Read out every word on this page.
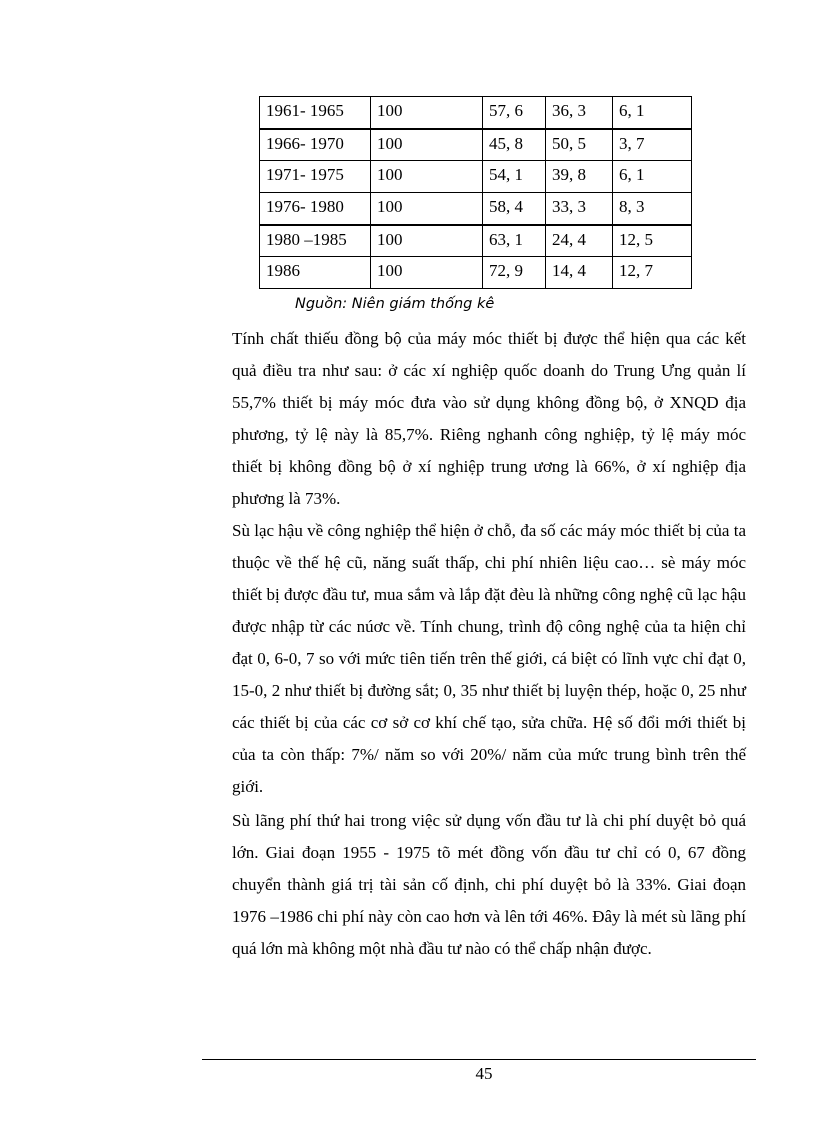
1961- 1965	100	57, 6	36, 3	6, 1
1966- 1970	100	45, 8	50, 5	3, 7
1971- 1975	100	54, 1	39, 8	6, 1
1976- 1980	100	58, 4	33, 3	8, 3
1980 –1985	100	63, 1	24, 4	12, 5
1986	100	72, 9	14, 4	12, 7
Nguồn: Niên giám thống kê
Tính chất thiếu đồng bộ của máy móc thiết bị được thể hiện qua các kết quả điều tra như sau: ở các xí nghiệp quốc doanh do Trung Ưng quản lí 55,7% thiết bị máy móc đưa vào sử dụng không đồng bộ, ở XNQD địa phương, tỷ lệ này là 85,7%. Riêng nghanh công nghiệp, tỷ lệ máy móc thiết bị không đồng bộ ở xí nghiệp trung ương là 66%, ở xí nghiệp địa phương là 73%.
Sù lạc hậu về công nghiệp thể hiện ở chỗ, đa số các máy móc thiết bị của ta thuộc về thế hệ cũ, năng suất thấp, chi phí nhiên liệu cao… sè máy móc thiết bị được đầu tư, mua sắm và lắp đặt đèu là những công nghệ cũ lạc hậu được nhập từ các núơc về. Tính chung, trình độ công nghệ của ta hiện chỉ đạt 0, 6-0, 7 so với mức tiên tiến trên thế giới, cá biệt có lĩnh vực chỉ đạt 0, 15-0, 2 như thiết bị đường sắt; 0, 35 như thiết bị luyện thép, hoặc 0, 25 như các thiết bị của các cơ sở cơ khí chế tạo, sửa chữa. Hệ số đổi mới thiết bị của ta còn thấp: 7%/ năm so với 20%/ năm của mức trung bình trên thế giới.
Sù lãng phí thứ hai trong việc sử dụng vốn đầu tư là chi phí duyệt bỏ quá lớn. Giai đoạn 1955 - 1975 tõ mét đồng vốn đầu tư chỉ có 0, 67 đồng chuyển thành giá trị tài sản cố định, chi phí duyệt bỏ là 33%. Giai đoạn 1976 –1986 chi phí này còn cao hơn và lên tới 46%. Đây là mét sù lãng phí quá lớn mà không một nhà đầu tư nào có thể chấp nhận được.
45
